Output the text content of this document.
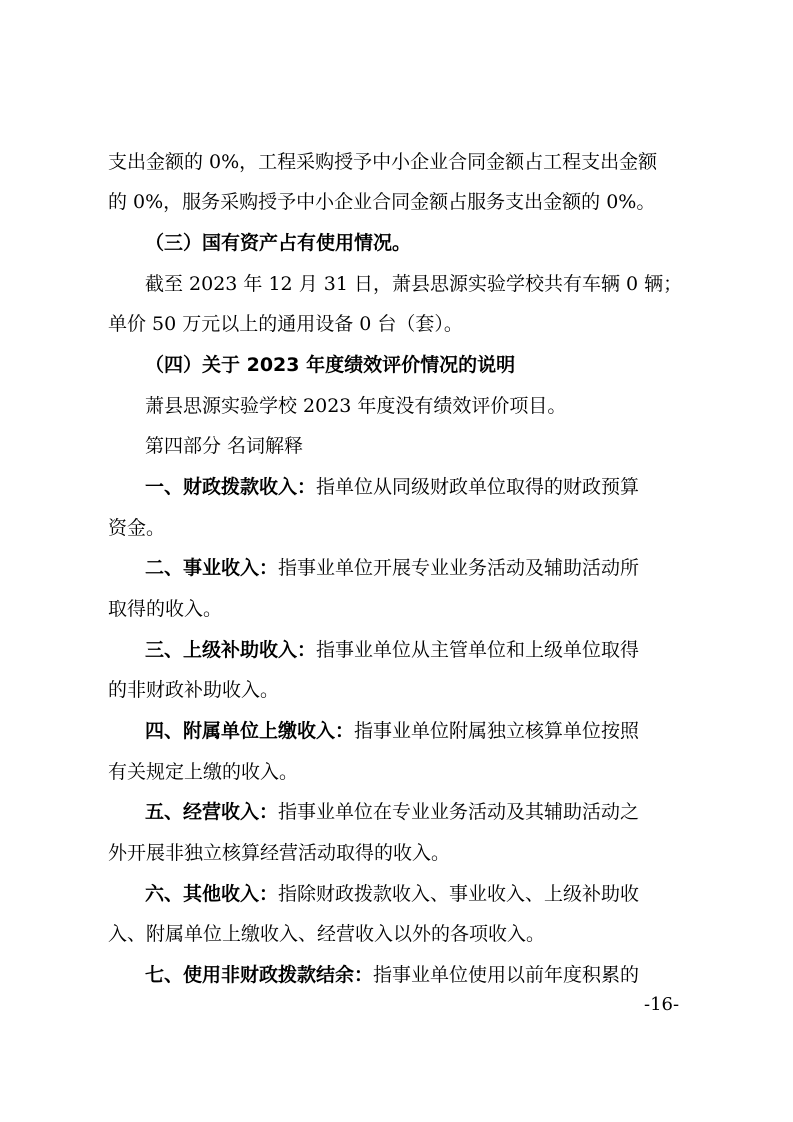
支出金额的 0%，工程采购授予中小企业合同金额占工程支出金额
的 0%，服务采购授予中小企业合同金额占服务支出金额的 0%。
（三）国有资产占有使用情况。
截至 2023 年 12 月 31 日，萧县思源实验学校共有车辆 0 辆；
单价 50 万元以上的通用设备 0 台（套）。
（四）关于 2023 年度绩效评价情况的说明
萧县思源实验学校 2023 年度没有绩效评价项目。
第四部分 名词解释
一、财政拨款收入：指单位从同级财政单位取得的财政预算
资金。
二、事业收入：指事业单位开展专业业务活动及辅助活动所
取得的收入。
三、上级补助收入：指事业单位从主管单位和上级单位取得
的非财政补助收入。
四、附属单位上缴收入：指事业单位附属独立核算单位按照
有关规定上缴的收入。
五、经营收入：指事业单位在专业业务活动及其辅助活动之
外开展非独立核算经营活动取得的收入。
六、其他收入：指除财政拨款收入、事业收入、上级补助收
入、附属单位上缴收入、经营收入以外的各项收入。
七、使用非财政拨款结余：指事业单位使用以前年度积累的
-16-
